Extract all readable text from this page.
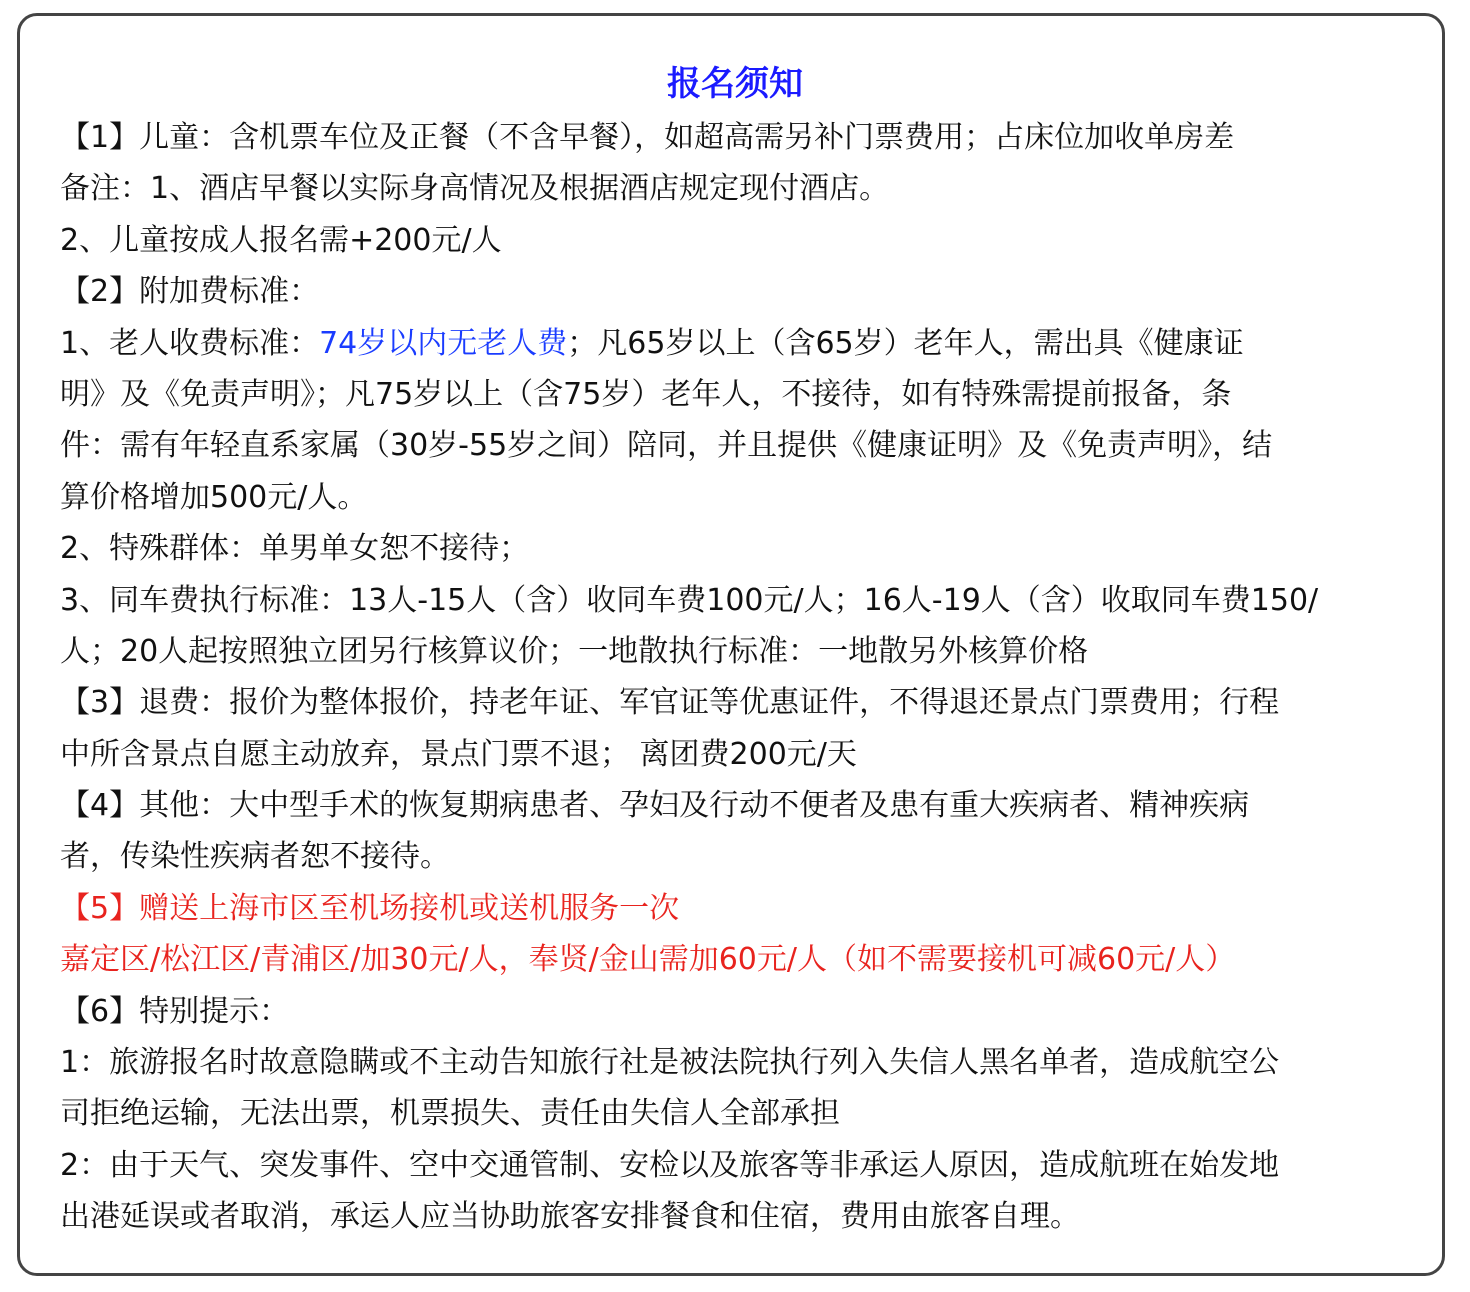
报名须知
【1】儿童：含机票车位及正餐（不含早餐），如超高需另补门票费用；占床位加收单房差
备注：1、酒店早餐以实际身高情况及根据酒店规定现付酒店。
2、儿童按成人报名需+200元/人
【2】附加费标准：
1、老人收费标准：74岁以内无老人费；凡65岁以上（含65岁）老年人，需出具《健康证
明》及《免责声明》；凡75岁以上（含75岁）老年人，不接待，如有特殊需提前报备，条
件：需有年轻直系家属（30岁-55岁之间）陪同，并且提供《健康证明》及《免责声明》，结
算价格增加500元/人。
2、特殊群体：单男单女恕不接待；
3、同车费执行标准：13人-15人（含）收同车费100元/人；16人-19人（含）收取同车费150/
人；20人起按照独立团另行核算议价；一地散执行标准：一地散另外核算价格
【3】退费：报价为整体报价，持老年证、军官证等优惠证件，不得退还景点门票费用；行程
中所含景点自愿主动放弃，景点门票不退； 离团费200元/天
【4】其他：大中型手术的恢复期病患者、孕妇及行动不便者及患有重大疾病者、精神疾病
者，传染性疾病者恕不接待。
【5】赠送上海市区至机场接机或送机服务一次
嘉定区/松江区/青浦区/加30元/人，奉贤/金山需加60元/人（如不需要接机可减60元/人）
【6】特别提示：
1：旅游报名时故意隐瞒或不主动告知旅行社是被法院执行列入失信人黑名单者，造成航空公
司拒绝运输，无法出票，机票损失、责任由失信人全部承担
2：由于天气、突发事件、空中交通管制、安检以及旅客等非承运人原因，造成航班在始发地
出港延误或者取消，承运人应当协助旅客安排餐食和住宿，费用由旅客自理。
